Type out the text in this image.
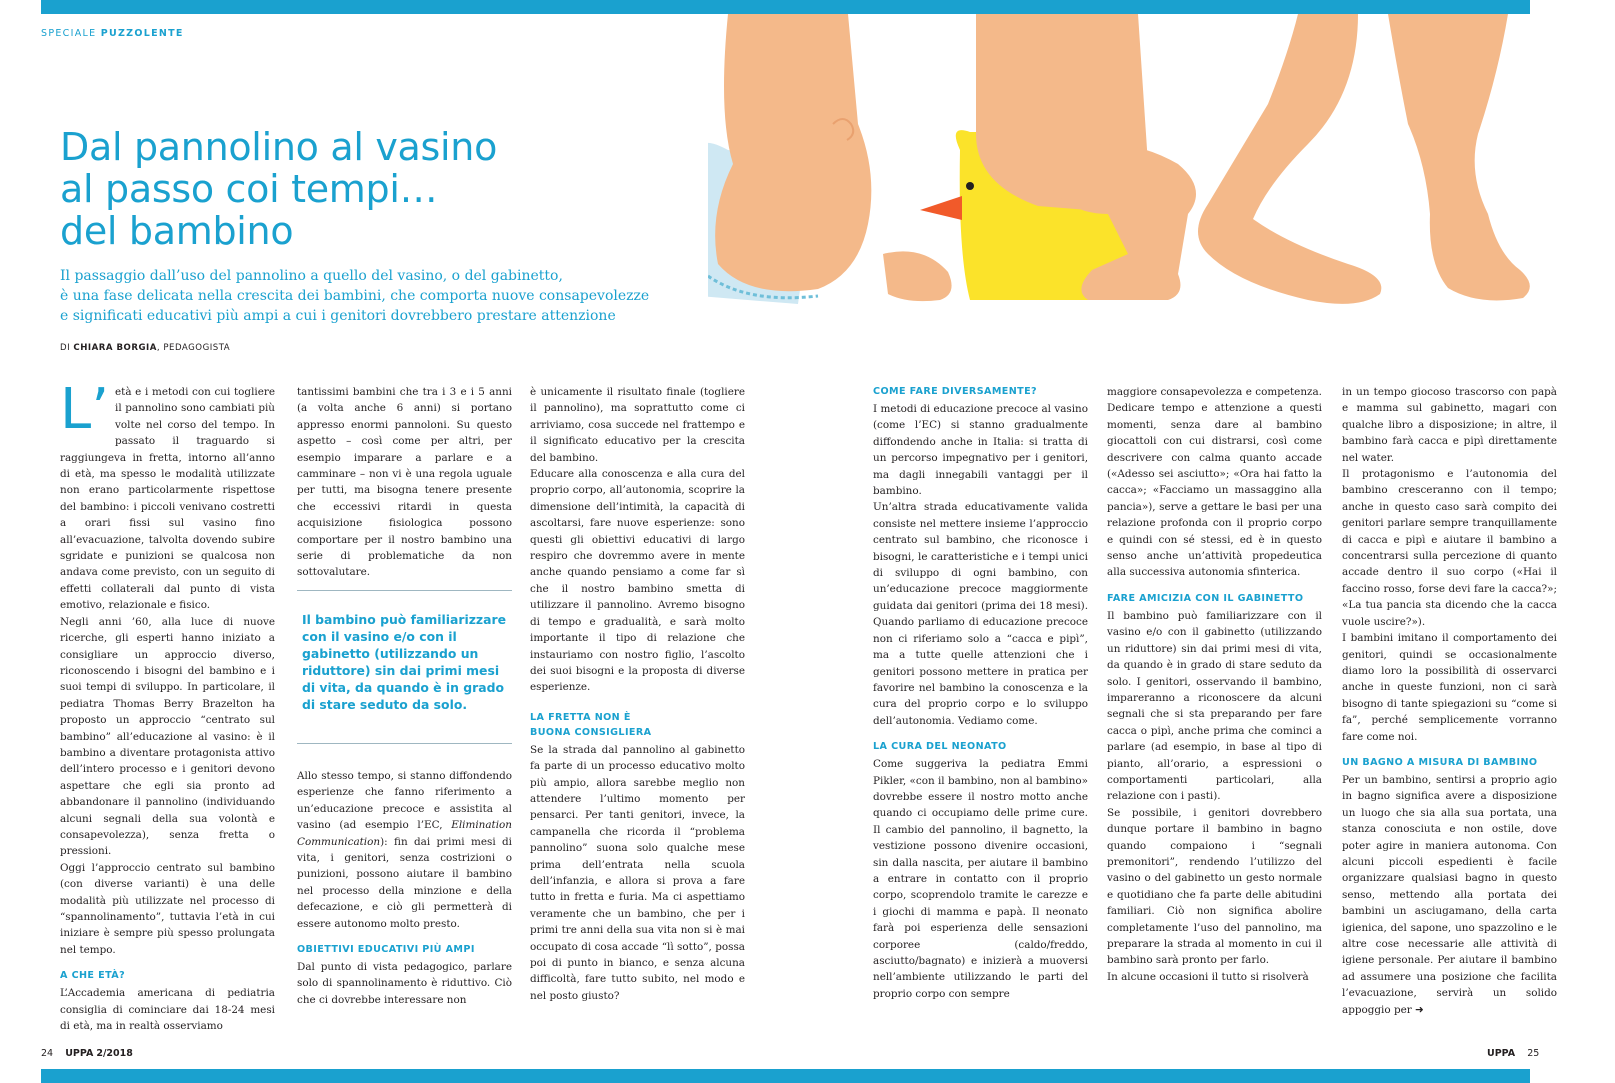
SPECIALE PUZZOLENTE
Dal pannolino al vasino
al passo coi tempi…
del bambino

Il passaggio dall’uso del pannolino a quello del vasino, o del gabinetto,
è una fase delicata nella crescita dei bambini, che comporta nuove consapevolezze
e significati educativi più ampi a cui i genitori dovrebbero prestare attenzione

DI CHIARA BORGIA, PEDAGOGISTA
L’ età e i metodi con cui togliere il pannolino sono cambiati più volte nel corso del tempo. In passato il traguardo si raggiungeva in fretta, intorno all’anno di età, ma spesso le modalità utilizzate non erano particolarmente rispettose del bambino: i piccoli venivano costretti a orari fissi sul vasino fino all’evacuazione, talvolta dovendo subire sgridate e punizioni se qualcosa non andava come previsto, con un seguito di effetti collaterali dal punto di vista emotivo, relazionale e fisico.

Negli anni ’60, alla luce di nuove ricerche, gli esperti hanno iniziato a consigliare un approccio diverso, riconoscendo i bisogni del bambino e i suoi tempi di sviluppo. In particolare, il pediatra Thomas Berry Brazelton ha proposto un approccio “centrato sul bambino” all’educazione al vasino: è il bambino a diventare protagonista attivo dell’intero processo e i genitori devono aspettare che egli sia pronto ad abbandonare il pannolino (individuando alcuni segnali della sua volontà e consapevolezza), senza fretta o pressioni.

Oggi l’approccio centrato sul bambino (con diverse varianti) è una delle modalità più utilizzate nel processo di “spannolinamento”, tuttavia l’età in cui iniziare è sempre più spesso prolungata nel tempo.

A CHE ETÀ?

L’Accademia americana di pediatria consiglia di cominciare dai 18-24 mesi di età, ma in realtà osserviamo

tantissimi bambini che tra i 3 e i 5 anni (a volta anche 6 anni) si portano appresso enormi pannoloni. Su questo aspetto – così come per altri, per esempio imparare a parlare e a camminare – non vi è una regola uguale per tutti, ma bisogna tenere presente che eccessivi ritardi in questa acquisizione fisiologica possono comportare per il nostro bambino una serie di problematiche da non sottovalutare.

Il bambino può familiarizzare con il vasino e/o con il gabinetto (utilizzando un riduttore) sin dai primi mesi di vita, da quando è in grado di stare seduto da solo.

Allo stesso tempo, si stanno diffondendo esperienze che fanno riferimento a un’educazione precoce e assistita al vasino (ad esempio l’EC, Elimination Communication): fin dai primi mesi di vita, i genitori, senza costrizioni o punizioni, possono aiutare il bambino nel processo della minzione e della defecazione, e ciò gli permetterà di essere autonomo molto presto.

OBIETTIVI EDUCATIVI PIÙ AMPI

Dal punto di vista pedagogico, parlare solo di spannolinamento è riduttivo. Ciò che ci dovrebbe interessare non

è unicamente il risultato finale (togliere il pannolino), ma soprattutto come ci arriviamo, cosa succede nel frattempo e il significato educativo per la crescita del bambino.

Educare alla conoscenza e alla cura del proprio corpo, all’autonomia, scoprire la dimensione dell’intimità, la capacità di ascoltarsi, fare nuove esperienze: sono questi gli obiettivi educativi di largo respiro che dovremmo avere in mente anche quando pensiamo a come far sì che il nostro bambino smetta di utilizzare il pannolino. Avremo bisogno di tempo e gradualità, e sarà molto importante il tipo di relazione che instauriamo con nostro figlio, l’ascolto dei suoi bisogni e la proposta di diverse esperienze.

LA FRETTA NON È
BUONA CONSIGLIERA

Se la strada dal pannolino al gabinetto fa parte di un processo educativo molto più ampio, allora sarebbe meglio non attendere l’ultimo momento per pensarci. Per tanti genitori, invece, la campanella che ricorda il “problema pannolino” suona solo qualche mese prima dell’entrata nella scuola dell’infanzia, e allora si prova a fare tutto in fretta e furia. Ma ci aspettiamo veramente che un bambino, che per i primi tre anni della sua vita non si è mai occupato di cosa accade “lì sotto”, possa poi di punto in bianco, e senza alcuna difficoltà, fare tutto subito, nel modo e nel posto giusto?

COME FARE DIVERSAMENTE?

I metodi di educazione precoce al vasino (come l’EC) si stanno gradualmente diffondendo anche in Italia: si tratta di un percorso impegnativo per i genitori, ma dagli innegabili vantaggi per il bambino.

Un’altra strada educativamente valida consiste nel mettere insieme l’approccio centrato sul bambino, che riconosce i bisogni, le caratteristiche e i tempi unici di sviluppo di ogni bambino, con un’educazione precoce maggiormente guidata dai genitori (prima dei 18 mesi). Quando parliamo di educazione precoce non ci riferiamo solo a “cacca e pipì”, ma a tutte quelle attenzioni che i genitori possono mettere in pratica per favorire nel bambino la conoscenza e la cura del proprio corpo e lo sviluppo dell’autonomia. Vediamo come.

LA CURA DEL NEONATO

Come suggeriva la pediatra Emmi Pikler, «con il bambino, non al bambino» dovrebbe essere il nostro motto anche quando ci occupiamo delle prime cure. Il cambio del pannolino, il bagnetto, la vestizione possono divenire occasioni, sin dalla nascita, per aiutare il bambino a entrare in contatto con il proprio corpo, scoprendolo tramite le carezze e i giochi di mamma e papà. Il neonato farà poi esperienza delle sensazioni corporee (caldo/freddo, asciutto/bagnato) e inizierà a muoversi nell’ambiente utilizzando le parti del proprio corpo con sempre

maggiore consapevolezza e competenza. Dedicare tempo e attenzione a questi momenti, senza dare al bambino giocattoli con cui distrarsi, così come descrivere con calma quanto accade («Adesso sei asciutto»; «Ora hai fatto la cacca»; «Facciamo un massaggino alla pancia»), serve a gettare le basi per una relazione profonda con il proprio corpo e quindi con sé stessi, ed è in questo senso anche un’attività propedeutica alla successiva autonomia sfinterica.

FARE AMICIZIA CON IL GABINETTO

Il bambino può familiarizzare con il vasino e/o con il gabinetto (utilizzando un riduttore) sin dai primi mesi di vita, da quando è in grado di stare seduto da solo. I genitori, osservando il bambino, impareranno a riconoscere da alcuni segnali che si sta preparando per fare cacca o pipì, anche prima che cominci a parlare (ad esempio, in base al tipo di pianto, all’orario, a espressioni o comportamenti particolari, alla relazione con i pasti).

Se possibile, i genitori dovrebbero dunque portare il bambino in bagno quando compaiono i “segnali premonitori”, rendendo l’utilizzo del vasino o del gabinetto un gesto normale e quotidiano che fa parte delle abitudini familiari. Ciò non significa abolire completamente l’uso del pannolino, ma preparare la strada al momento in cui il bambino sarà pronto per farlo.

In alcune occasioni il tutto si risolverà

in un tempo giocoso trascorso con papà e mamma sul gabinetto, magari con qualche libro a disposizione; in altre, il bambino farà cacca e pipì direttamente nel water.

Il protagonismo e l’autonomia del bambino cresceranno con il tempo; anche in questo caso sarà compito dei genitori parlare sempre tranquillamente di cacca e pipì e aiutare il bambino a concentrarsi sulla percezione di quanto accade dentro il suo corpo («Hai il faccino rosso, forse devi fare la cacca?»; «La tua pancia sta dicendo che la cacca vuole uscire?»).

I bambini imitano il comportamento dei genitori, quindi se occasionalmente diamo loro la possibilità di osservarci anche in queste funzioni, non ci sarà bisogno di tante spiegazioni su “come si fa”, perché semplicemente vorranno fare come noi.

UN BAGNO A MISURA DI BAMBINO

Per un bambino, sentirsi a proprio agio in bagno significa avere a disposizione un luogo che sia alla sua portata, una stanza conosciuta e non ostile, dove poter agire in maniera autonoma. Con alcuni piccoli espedienti è facile organizzare qualsiasi bagno in questo senso, mettendo alla portata dei bambini un asciugamano, della carta igienica, del sapone, uno spazzolino e le altre cose necessarie alle attività di igiene personale. Per aiutare il bambino ad assumere una posizione che facilita l’evacuazione, servirà un solido appoggio per ➜

24 UPPA 2/2018	UPPA 25
